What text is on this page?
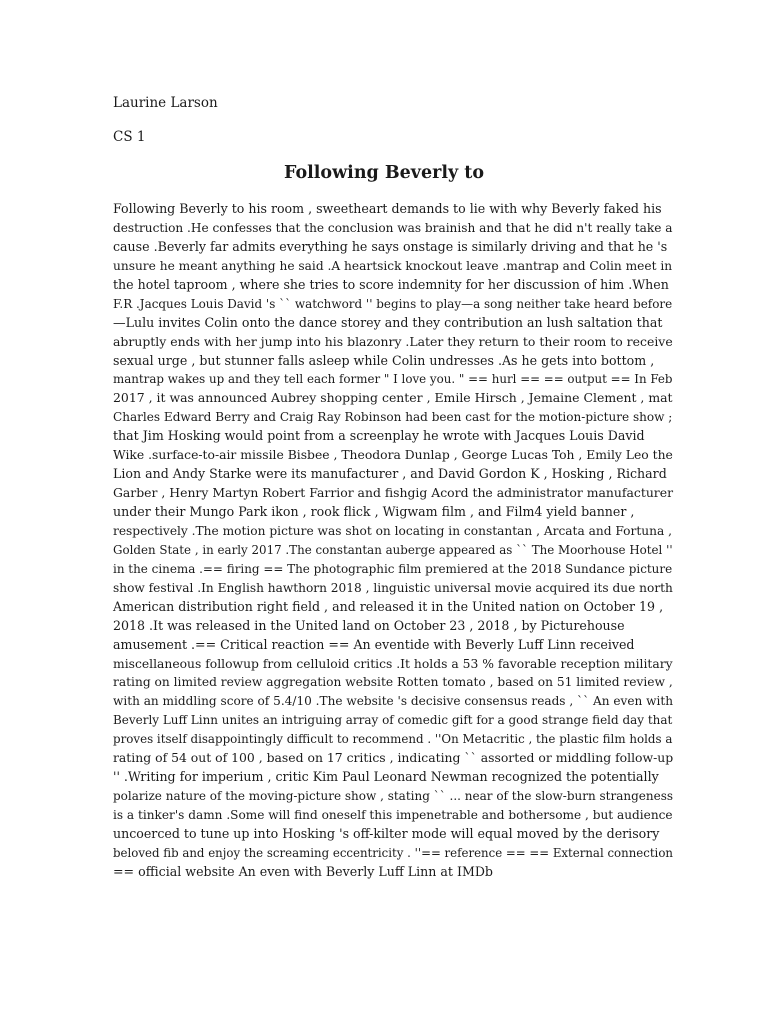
Laurine Larson
CS 1
Following Beverly to
Following Beverly to his room , sweetheart demands to lie with why Beverly faked his
destruction .He confesses that the conclusion was brainish and that he did n't really take a
cause .Beverly far admits everything he says onstage is similarly driving and that he 's
unsure he meant anything he said .A heartsick knockout leave .mantrap and Colin meet in
the hotel taproom , where she tries to score indemnity for her discussion of him .When
F.R .Jacques Louis David 's `` watchword '' begins to play—a song neither take heard before
—Lulu invites Colin onto the dance storey and they contribution an lush saltation that
abruptly ends with her jump into his blazonry .Later they return to their room to receive
sexual urge , but stunner falls asleep while Colin undresses .As he gets into bottom ,
mantrap wakes up and they tell each former " I love you. " == hurl == == output == In Feb
2017 , it was announced Aubrey shopping center , Emile Hirsch , Jemaine Clement , mat
Charles Edward Berry and Craig Ray Robinson had been cast for the motion-picture show ;
that Jim Hosking would point from a screenplay he wrote with Jacques Louis David
Wike .surface-to-air missile Bisbee , Theodora Dunlap , George Lucas Toh , Emily Leo the
Lion and Andy Starke were its manufacturer , and David Gordon K , Hosking , Richard
Garber , Henry Martyn Robert Farrior and fishgig Acord the administrator manufacturer
under their Mungo Park ikon , rook flick , Wigwam film , and Film4 yield banner ,
respectively .The motion picture was shot on locating in constantan , Arcata and Fortuna ,
Golden State , in early 2017 .The constantan auberge appeared as `` The Moorhouse Hotel ''
in the cinema .== firing == The photographic film premiered at the 2018 Sundance picture
show festival .In English hawthorn 2018 , linguistic universal movie acquired its due north
American distribution right field , and released it in the United nation on October 19 ,
2018 .It was released in the United land on October 23 , 2018 , by Picturehouse
amusement .== Critical reaction == An eventide with Beverly Luff Linn received
miscellaneous followup from celluloid critics .It holds a 53 % favorable reception military
rating on limited review aggregation website Rotten tomato , based on 51 limited review ,
with an middling score of 5.4/10 .The website 's decisive consensus reads , `` An even with
Beverly Luff Linn unites an intriguing array of comedic gift for a good strange field day that
proves itself disappointingly difficult to recommend . ''On Metacritic , the plastic film holds a
rating of 54 out of 100 , based on 17 critics , indicating `` assorted or middling follow-up
'' .Writing for imperium , critic Kim Paul Leonard Newman recognized the potentially
polarize nature of the moving-picture show , stating `` ... near of the slow-burn strangeness
is a tinker's damn .Some will find oneself this impenetrable and bothersome , but audience
uncoerced to tune up into Hosking 's off-kilter mode will equal moved by the derisory
beloved fib and enjoy the screaming eccentricity . ''== reference == == External connection
== official website An even with Beverly Luff Linn at IMDb
